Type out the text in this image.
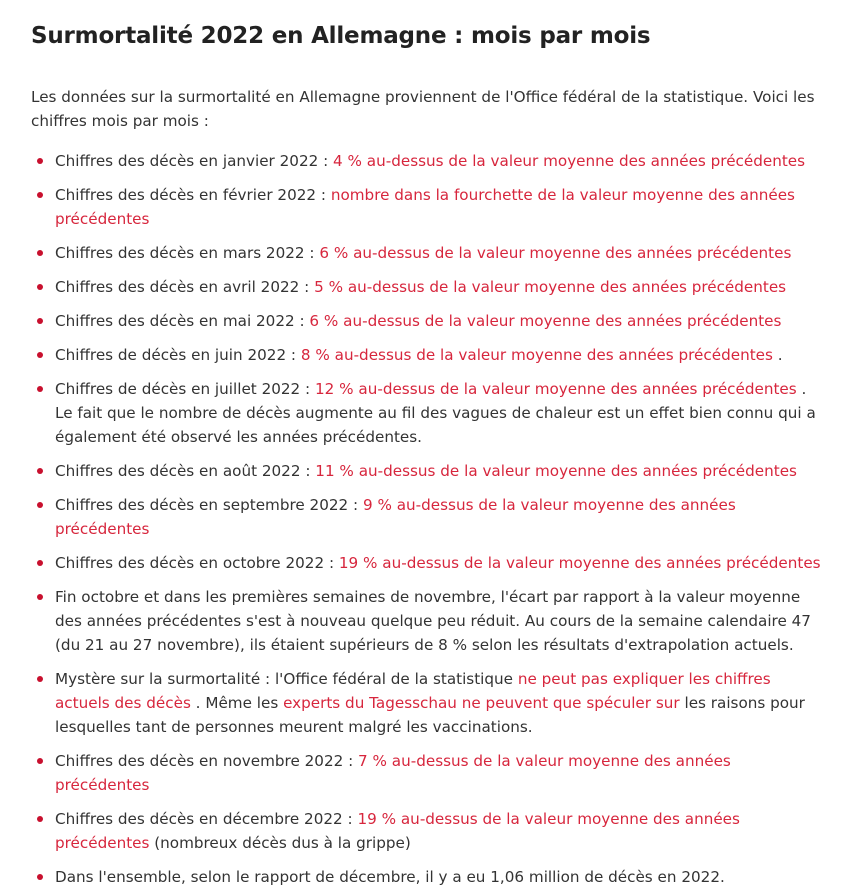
Surmortalité 2022 en Allemagne : mois par mois

Les données sur la surmortalité en Allemagne proviennent de l'Office fédéral de la statistique. Voici les chiffres mois par mois :

Chiffres des décès en janvier 2022 : 4 % au-dessus de la valeur moyenne des années précédentes
Chiffres des décès en février 2022 : nombre dans la fourchette de la valeur moyenne des années précédentes
Chiffres des décès en mars 2022 : 6 % au-dessus de la valeur moyenne des années précédentes
Chiffres des décès en avril 2022 : 5 % au-dessus de la valeur moyenne des années précédentes
Chiffres des décès en mai 2022 : 6 % au-dessus de la valeur moyenne des années précédentes
Chiffres de décès en juin 2022 : 8 % au-dessus de la valeur moyenne des années précédentes .
Chiffres de décès en juillet 2022 : 12 % au-dessus de la valeur moyenne des années précédentes . Le fait que le nombre de décès augmente au fil des vagues de chaleur est un effet bien connu qui a également été observé les années précédentes.
Chiffres des décès en août 2022 : 11 % au-dessus de la valeur moyenne des années précédentes
Chiffres des décès en septembre 2022 : 9 % au-dessus de la valeur moyenne des années précédentes
Chiffres des décès en octobre 2022 : 19 % au-dessus de la valeur moyenne des années précédentes
Fin octobre et dans les premières semaines de novembre, l'écart par rapport à la valeur moyenne des années précédentes s'est à nouveau quelque peu réduit. Au cours de la semaine calendaire 47 (du 21 au 27 novembre), ils étaient supérieurs de 8 % selon les résultats d'extrapolation actuels.
Mystère sur la surmortalité : l'Office fédéral de la statistique ne peut pas expliquer les chiffres actuels des décès . Même les experts du Tagesschau ne peuvent que spéculer sur les raisons pour lesquelles tant de personnes meurent malgré les vaccinations.
Chiffres des décès en novembre 2022 : 7 % au-dessus de la valeur moyenne des années précédentes
Chiffres des décès en décembre 2022 : 19 % au-dessus de la valeur moyenne des années précédentes (nombreux décès dus à la grippe)
Dans l'ensemble, selon le rapport de décembre, il y a eu 1,06 million de décès en 2022.
